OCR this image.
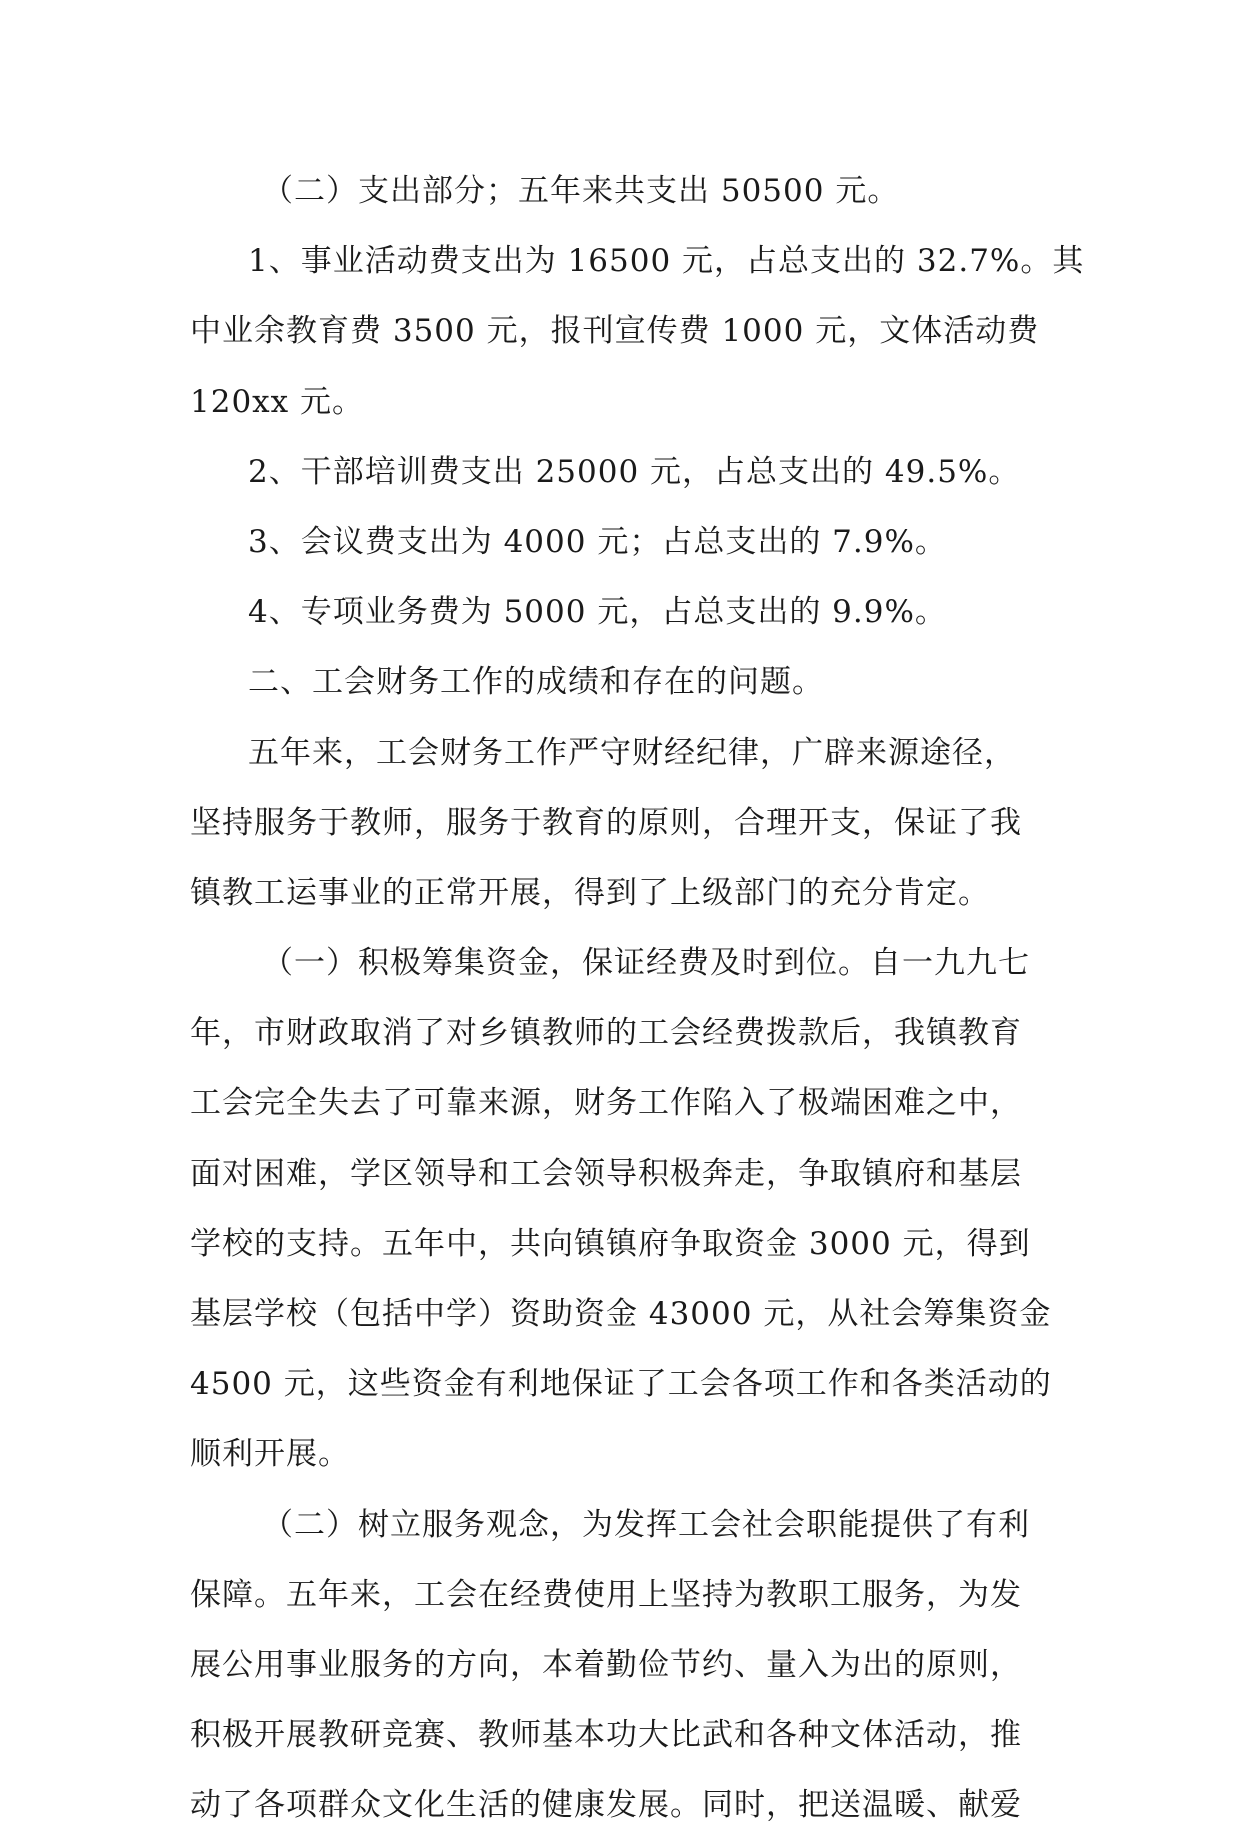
（二）支出部分；五年来共支出 50500 元。
1、事业活动费支出为 16500 元，占总支出的 32.7%。其
中业余教育费 3500 元，报刊宣传费 1000 元，文体活动费
120xx 元。
2、干部培训费支出 25000 元，占总支出的 49.5%。
3、会议费支出为 4000 元；占总支出的 7.9%。
4、专项业务费为 5000 元，占总支出的 9.9%。
二、工会财务工作的成绩和存在的问题。
五年来，工会财务工作严守财经纪律，广辟来源途径，
坚持服务于教师，服务于教育的原则，合理开支，保证了我
镇教工运事业的正常开展，得到了上级部门的充分肯定。
（一）积极筹集资金，保证经费及时到位。自一九九七
年，市财政取消了对乡镇教师的工会经费拨款后，我镇教育
工会完全失去了可靠来源，财务工作陷入了极端困难之中，
面对困难，学区领导和工会领导积极奔走，争取镇府和基层
学校的支持。五年中，共向镇镇府争取资金 3000 元，得到
基层学校（包括中学）资助资金 43000 元，从社会筹集资金
4500 元，这些资金有利地保证了工会各项工作和各类活动的
顺利开展。
（二）树立服务观念，为发挥工会社会职能提供了有利
保障。五年来，工会在经费使用上坚持为教职工服务，为发
展公用事业服务的方向，本着勤俭节约、量入为出的原则，
积极开展教研竞赛、教师基本功大比武和各种文体活动，推
动了各项群众文化生活的健康发展。同时，把送温暖、献爱
